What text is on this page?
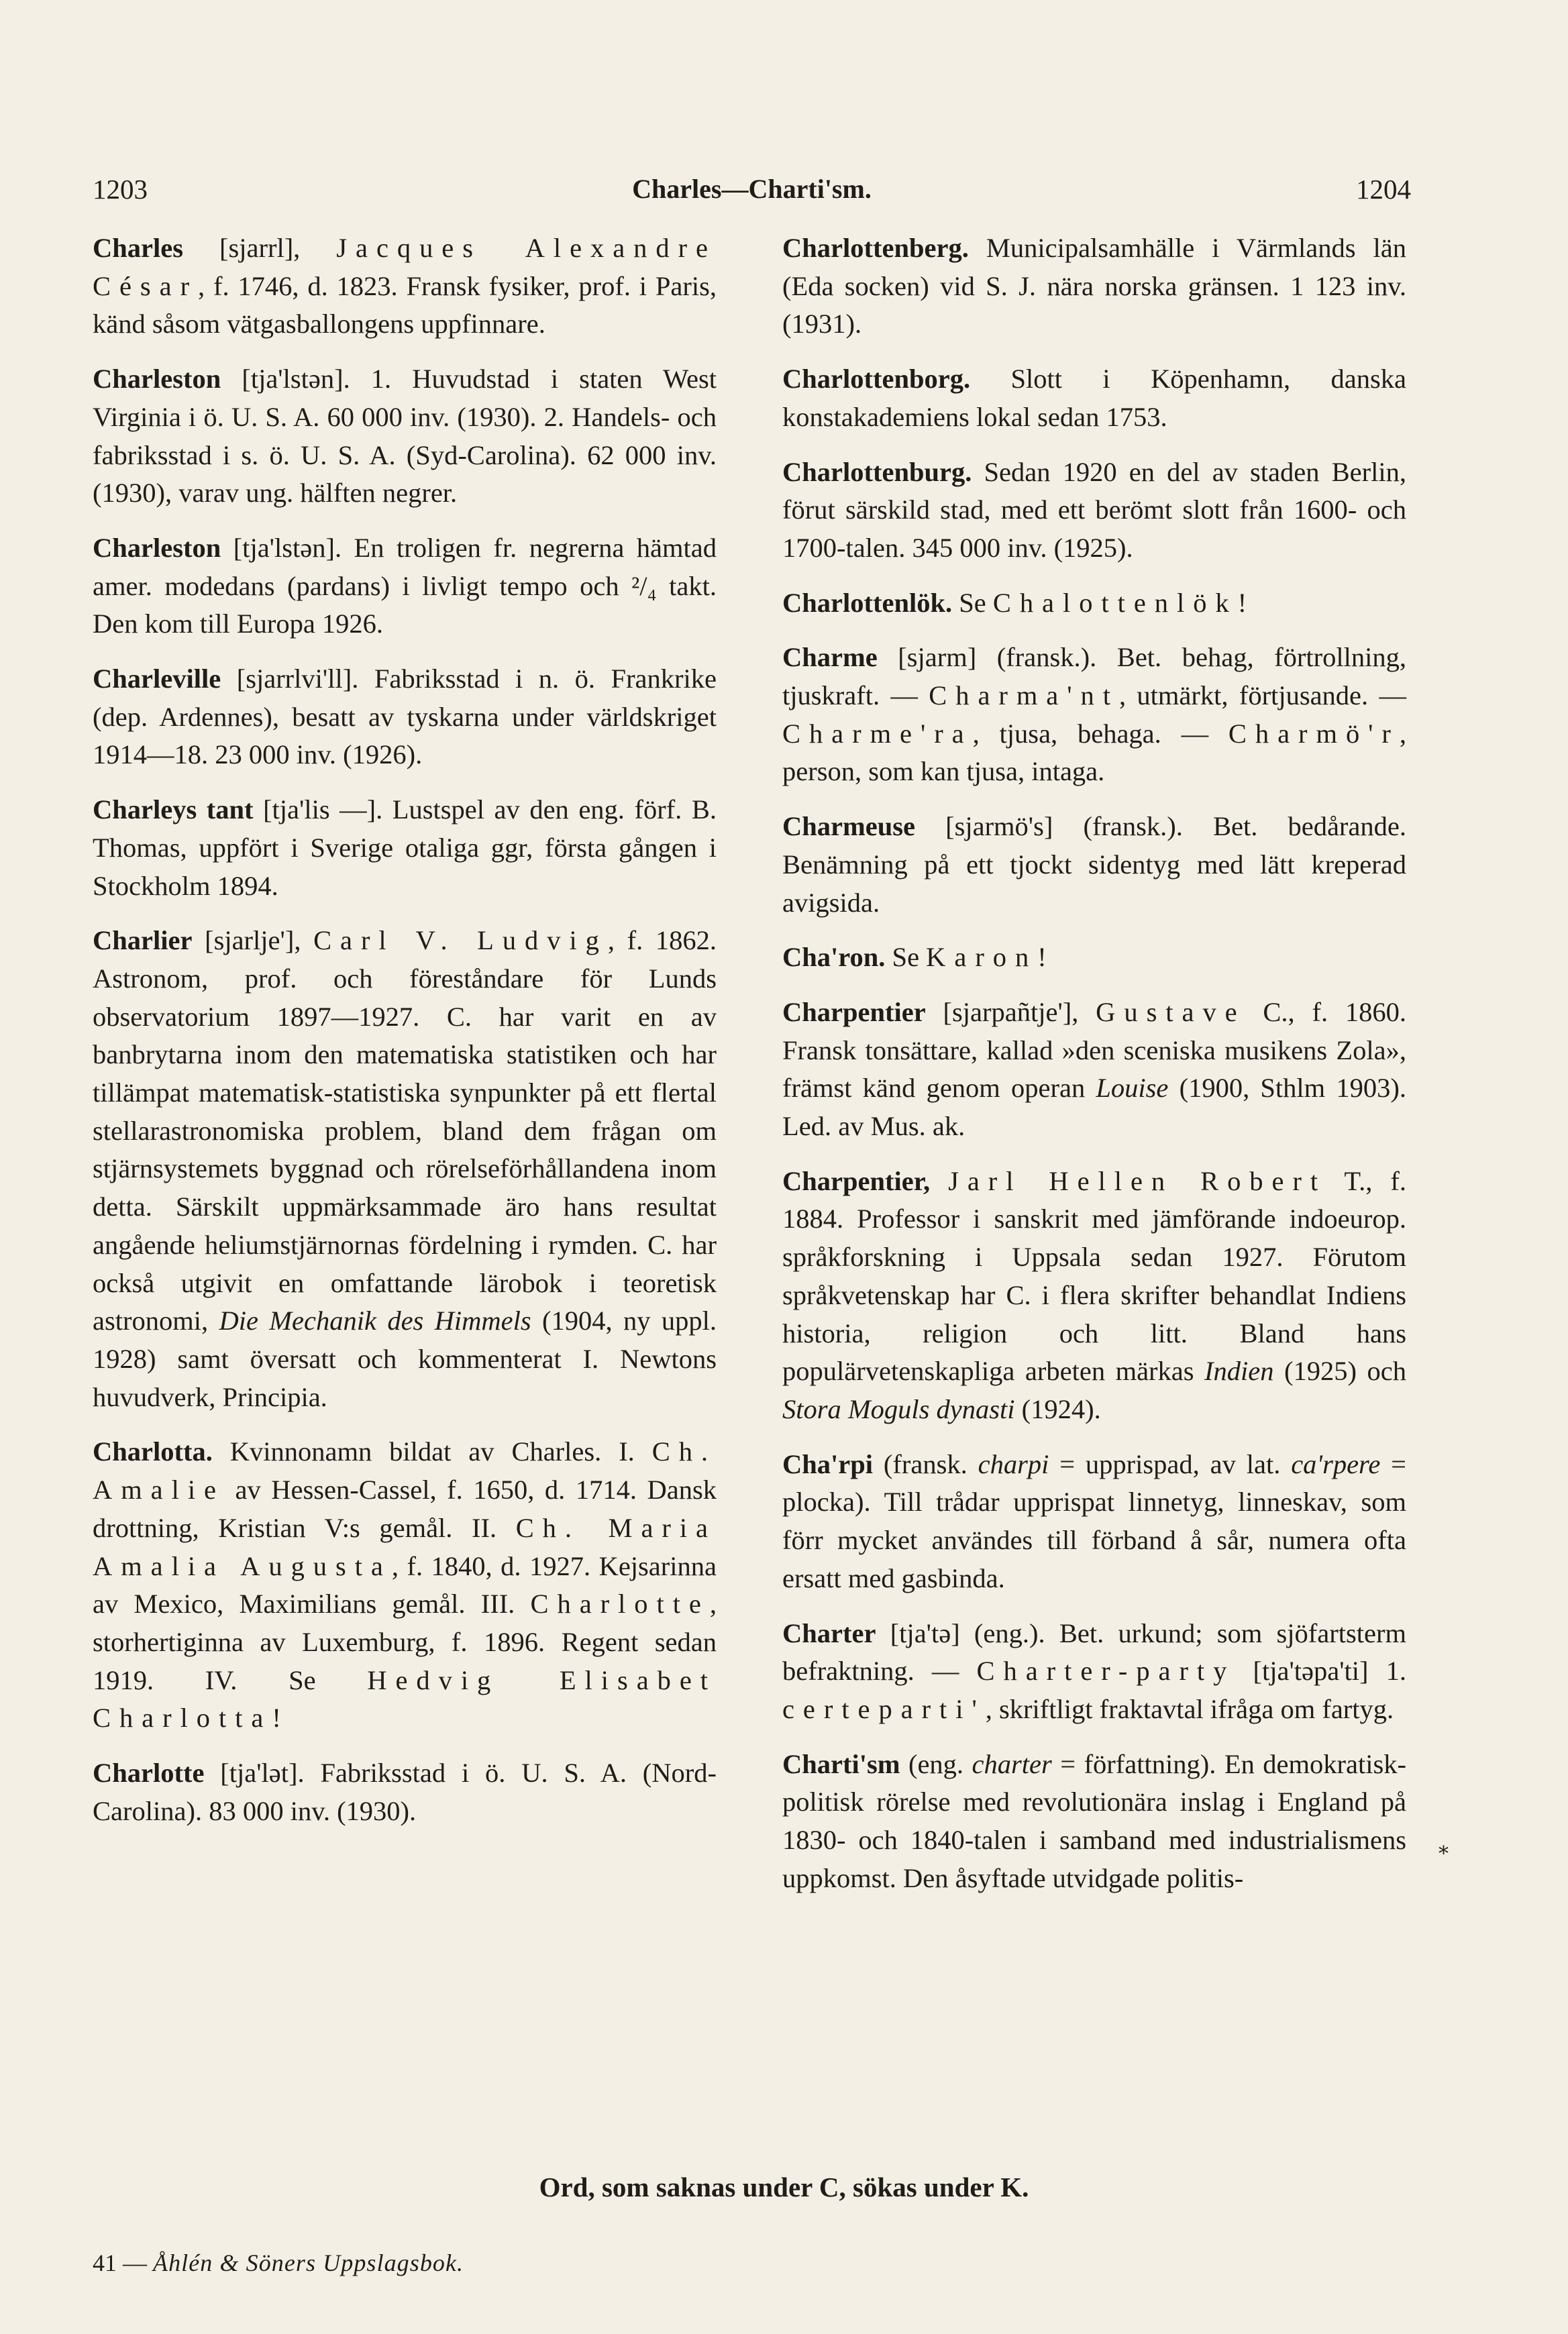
1203	Charles—Charti'sm.	1204

Charles [sjarrl], Jacques Alexandre César, f. 1746, d. 1823. Fransk fysiker, prof. i Paris, känd såsom vätgasballongens uppfinnare.

Charleston [tja'lstən]. 1. Huvudstad i staten West Virginia i ö. U. S. A. 60 000 inv. (1930). 2. Handels- och fabriksstad i s. ö. U. S. A. (Syd-Carolina). 62 000 inv. (1930), varav ung. hälften negrer.

Charleston [tja'lstən]. En troligen fr. negrerna hämtad amer. modedans (pardans) i livligt tempo och ²/₄ takt. Den kom till Europa 1926.

Charleville [sjarrlvi'll]. Fabriksstad i n. ö. Frankrike (dep. Ardennes), besatt av tyskarna under världskriget 1914—18. 23 000 inv. (1926).

Charleys tant [tja'lis —]. Lustspel av den eng. förf. B. Thomas, uppfört i Sverige otaliga ggr, första gången i Stockholm 1894.

Charlier [sjarlje'], Carl V. Ludvig, f. 1862. Astronom, prof. och föreståndare för Lunds observatorium 1897—1927. C. har varit en av banbrytarna inom den matematiska statistiken och har tillämpat matematisk-statistiska synpunkter på ett flertal stellarastronomiska problem, bland dem frågan om stjärnsystemets byggnad och rörelseförhållandena inom detta. Särskilt uppmärksammade äro hans resultat angående heliumstjärnornas fördelning i rymden. C. har också utgivit en omfattande lärobok i teoretisk astronomi, Die Mechanik des Himmels (1904, ny uppl. 1928) samt översatt och kommenterat I. Newtons huvudverk, Principia.

Charlotta. Kvinnonamn bildat av Charles. I. Ch. Amalie av Hessen-Cassel, f. 1650, d. 1714. Dansk drottning, Kristian V:s gemål. II. Ch. Maria Amalia Augusta, f. 1840, d. 1927. Kejsarinna av Mexico, Maximilians gemål. III. Charlotte, storhertiginna av Luxemburg, f. 1896. Regent sedan 1919. IV. Se Hedvig Elisabet Charlotta!

Charlotte [tja'lət]. Fabriksstad i ö. U. S. A. (Nord-Carolina). 83 000 inv. (1930).

Charlottenberg. Municipalsamhälle i Värmlands län (Eda socken) vid S. J. nära norska gränsen. 1 123 inv. (1931).

Charlottenborg. Slott i Köpenhamn, danska konstakademiens lokal sedan 1753.

Charlottenburg. Sedan 1920 en del av staden Berlin, förut särskild stad, med ett berömt slott från 1600- och 1700-talen. 345 000 inv. (1925).

Charlottenlök. Se Chalottenlök!

Charme [sjarm] (fransk.). Bet. behag, förtrollning, tjuskraft. — Charma'nt, utmärkt, förtjusande. — Charme'ra, tjusa, behaga. — Charmö'r, person, som kan tjusa, intaga.

Charmeuse [sjarmö's] (fransk.). Bet. bedårande. Benämning på ett tjockt sidentyg med lätt kreperad avigsida.

Cha'ron. Se Karon!

Charpentier [sjarpañtje'], Gustave C., f. 1860. Fransk tonsättare, kallad »den sceniska musikens Zola», främst känd genom operan Louise (1900, Sthlm 1903). Led. av Mus. ak.

Charpentier, Jarl Hellen Robert T., f. 1884. Professor i sanskrit med jämförande indoeurop. språkforskning i Uppsala sedan 1927. Förutom språkvetenskap har C. i flera skrifter behandlat Indiens historia, religion och litt. Bland hans populärvetenskapliga arbeten märkas Indien (1925) och Stora Moguls dynasti (1924).

Cha'rpi (fransk. charpi = upprispad, av lat. ca'rpere = plocka). Till trådar upprispat linnetyg, linneskav, som förr mycket användes till förband å sår, numera ofta ersatt med gasbinda.

Charter [tja'tə] (eng.). Bet. urkund; som sjöfartsterm befraktning. — Charter-party [tja'təpa'ti] 1. certeparti', skriftligt fraktavtal ifråga om fartyg.

Charti'sm (eng. charter = författning). En demokratisk-politisk rörelse med revolutionära inslag i England på 1830- och 1840-talen i samband med industrialismens uppkomst. Den åsyftade utvidgade politis-

*
Ord, som saknas under C, sökas under K.
41 — Åhlén & Söners Uppslagsbok.
